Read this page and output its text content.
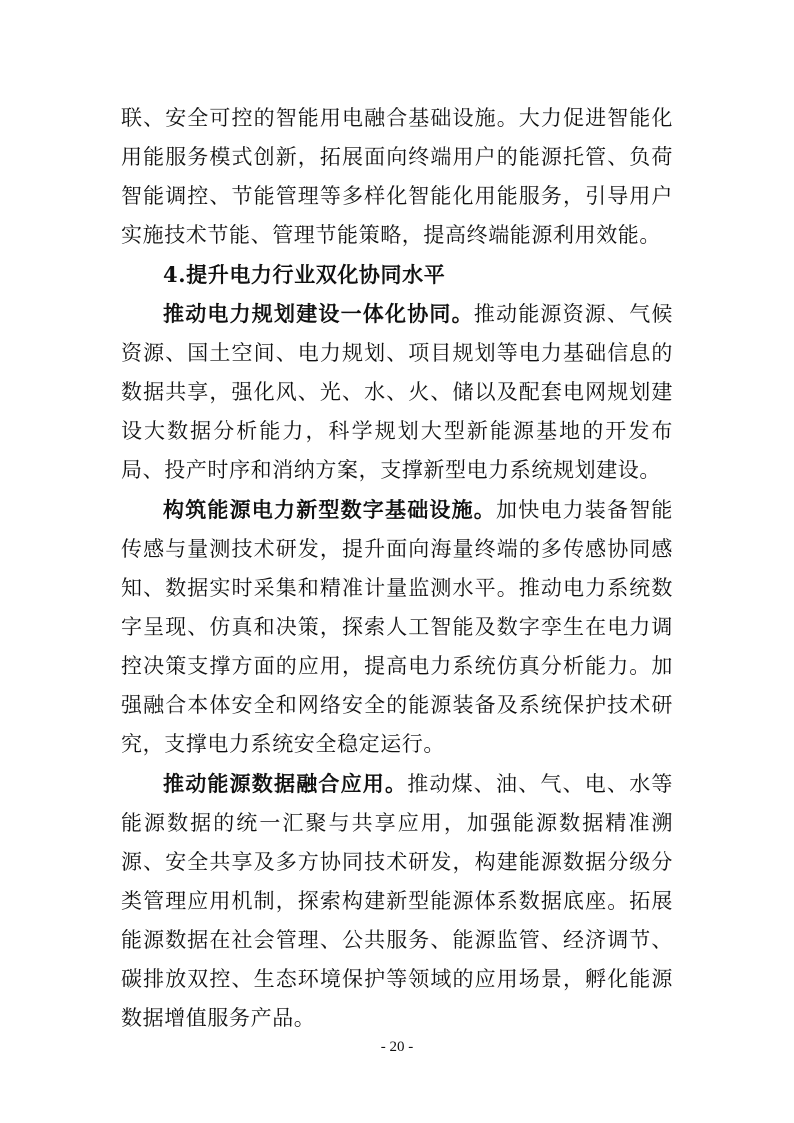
联、安全可控的智能用电融合基础设施。大力促进智能化用能服务模式创新，拓展面向终端用户的能源托管、负荷智能调控、节能管理等多样化智能化用能服务，引导用户实施技术节能、管理节能策略，提高终端能源利用效能。

4.提升电力行业双化协同水平

推动电力规划建设一体化协同。推动能源资源、气候资源、国土空间、电力规划、项目规划等电力基础信息的数据共享，强化风、光、水、火、储以及配套电网规划建设大数据分析能力，科学规划大型新能源基地的开发布局、投产时序和消纳方案，支撑新型电力系统规划建设。

构筑能源电力新型数字基础设施。加快电力装备智能传感与量测技术研发，提升面向海量终端的多传感协同感知、数据实时采集和精准计量监测水平。推动电力系统数字呈现、仿真和决策，探索人工智能及数字孪生在电力调控决策支撑方面的应用，提高电力系统仿真分析能力。加强融合本体安全和网络安全的能源装备及系统保护技术研究，支撑电力系统安全稳定运行。

推动能源数据融合应用。推动煤、油、气、电、水等能源数据的统一汇聚与共享应用，加强能源数据精准溯源、安全共享及多方协同技术研发，构建能源数据分级分类管理应用机制，探索构建新型能源体系数据底座。拓展能源数据在社会管理、公共服务、能源监管、经济调节、碳排放双控、生态环境保护等领域的应用场景，孵化能源数据增值服务产品。

- 20 -
